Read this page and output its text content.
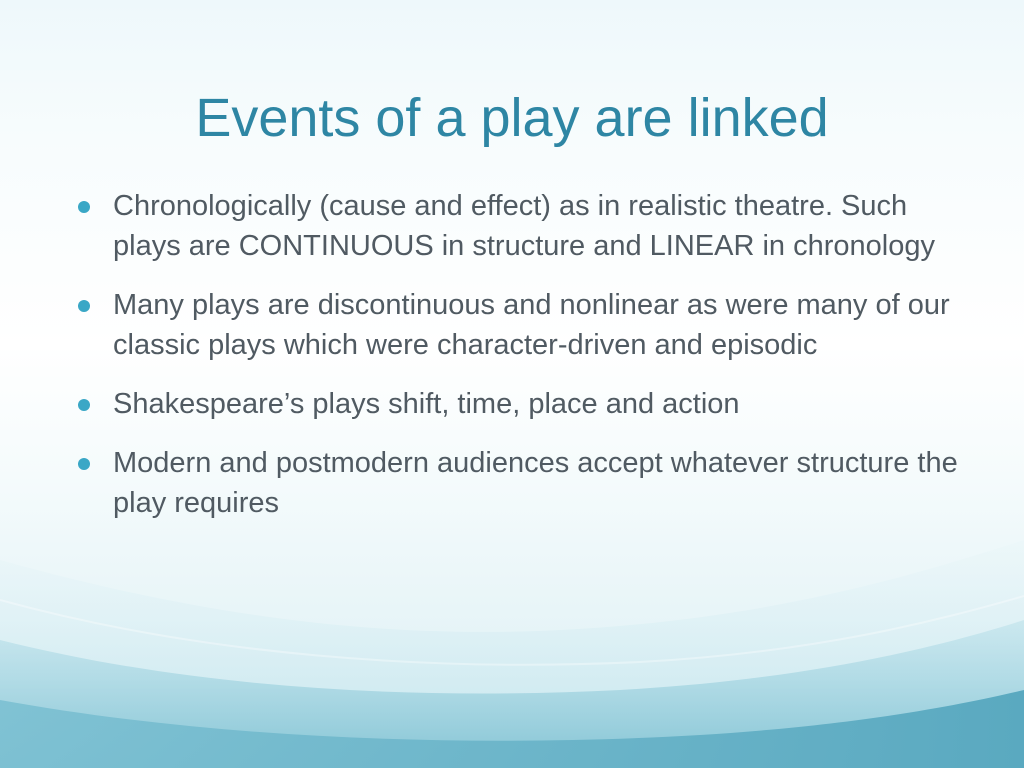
Events of a play are linked
Chronologically (cause and effect) as in realistic theatre. Such plays are CONTINUOUS in structure and LINEAR in chronology
Many plays are discontinuous and nonlinear as were many of our classic plays which were character-driven and episodic
Shakespeare’s plays shift, time, place and action
Modern and postmodern audiences accept whatever structure the play requires
